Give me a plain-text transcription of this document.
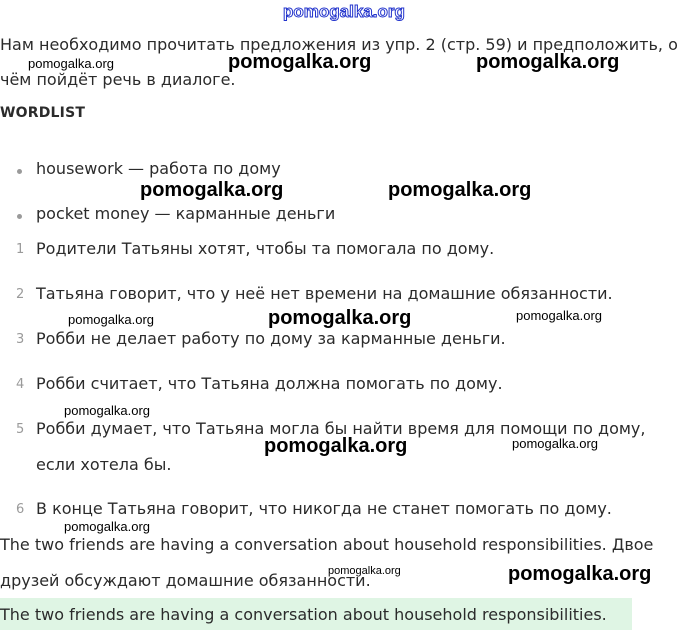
pomogalka.org
Нам необходимо прочитать предложения из упр. 2 (стр. 59) и предположить, о
чём пойдёт речь в диалоге.
WORDLIST
housework — работа по дому
pocket money — карманные деньги
1 Родители Татьяны хотят, чтобы та помогала по дому.
2 Татьяна говорит, что у неё нет времени на домашние обязанности.
3 Робби не делает работу по дому за карманные деньги.
4 Робби считает, что Татьяна должна помогать по дому.
5 Робби думает, что Татьяна могла бы найти время для помощи по дому,
если хотела бы.
6 В конце Татьяна говорит, что никогда не станет помогать по дому.
The two friends are having a conversation about household responsibilities. Двое
друзей обсуждают домашние обязанности.
The two friends are having a conversation about household responsibilities.
pomogalka.org	pomogalka.org	pomogalka.org
pomogalka.org	pomogalka.org
pomogalka.org	pomogalka.org	pomogalka.org
pomogalka.org
pomogalka.org	pomogalka.org
pomogalka.org
pomogalka.org	pomogalka.org
